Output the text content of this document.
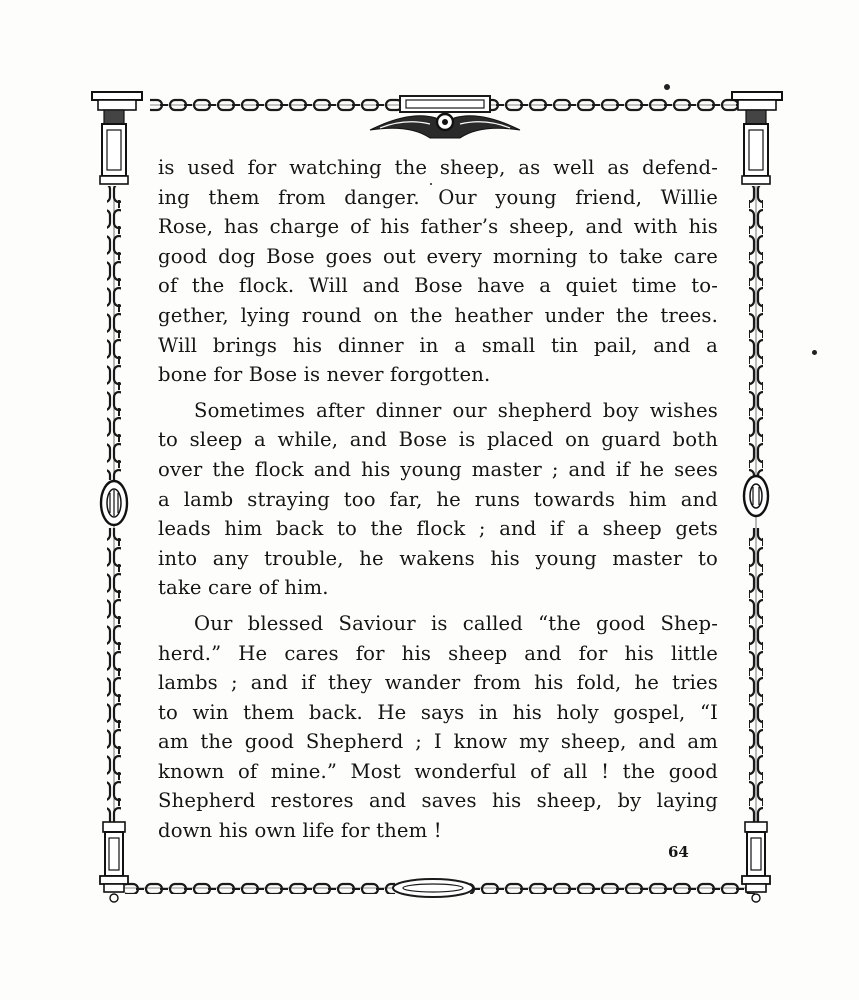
is used for watching the sheep, as well as defend-
ing them from danger. Our young friend, Willie
Rose, has charge of his father’s sheep, and with his
good dog Bose goes out every morning to take care
of the flock. Will and Bose have a quiet time to-
gether, lying round on the heather under the trees.
Will brings his dinner in a small tin pail, and a
bone for Bose is never forgotten.
Sometimes after dinner our shepherd boy wishes
to sleep a while, and Bose is placed on guard both
over the flock and his young master ; and if he sees
a lamb straying too far, he runs towards him and
leads him back to the flock ; and if a sheep gets
into any trouble, he wakens his young master to
take care of him.
Our blessed Saviour is called “the good Shep-
herd.” He cares for his sheep and for his little
lambs ; and if they wander from his fold, he tries
to win them back. He says in his holy gospel, “I
am the good Shepherd ; I know my sheep, and am
known of mine.” Most wonderful of all ! the good
Shepherd restores and saves his sheep, by laying
down his own life for them !
64
